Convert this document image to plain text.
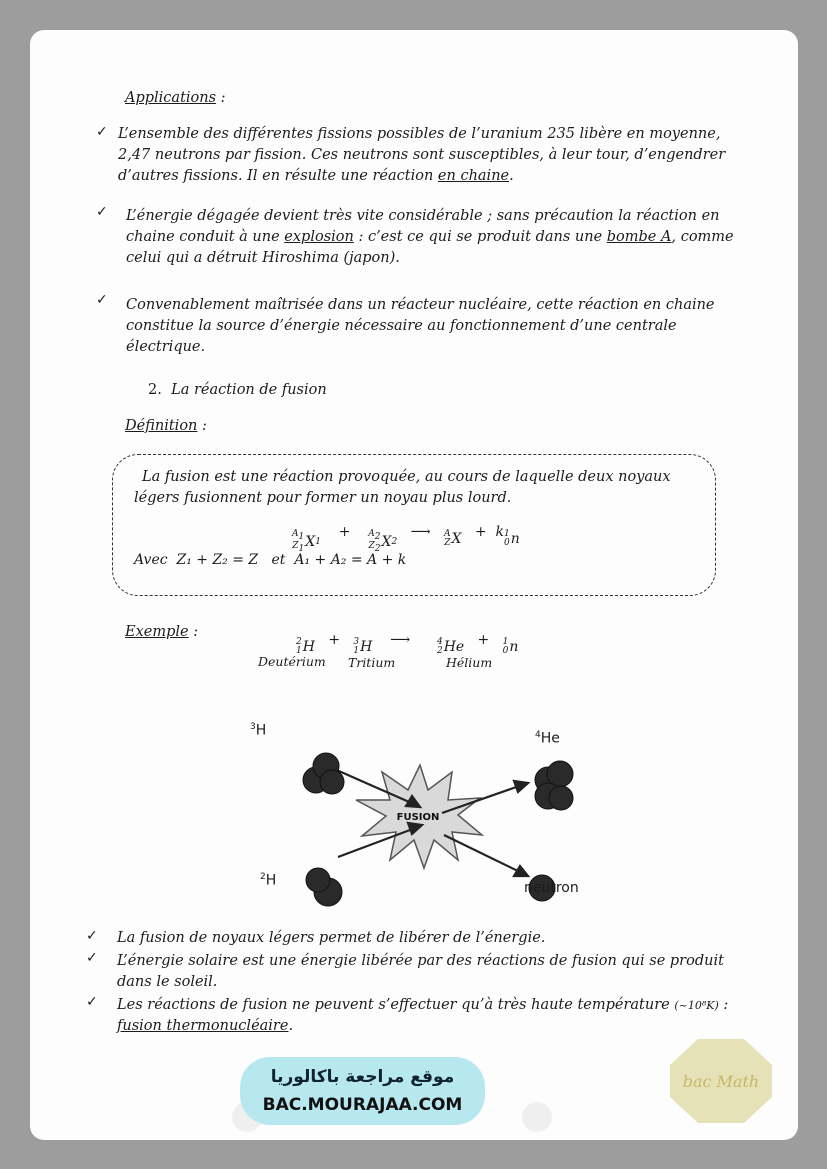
Applications :
✓ L’ensemble des différentes fissions possibles de l’uranium 235 libère en moyenne,
2,47 neutrons par fission. Ces neutrons sont susceptibles, à leur tour, d’engendrer
d’autres fissions. Il en résulte une réaction en chaine.
✓ L’énergie dégagée devient très vite considérable ; sans précaution la réaction en
chaine conduit à une explosion : c’est ce qui se produit dans une bombe A, comme
celui qui a détruit Hiroshima (japon).
✓ Convenablement maîtrisée dans un réacteur nucléaire, cette réaction en chaine
constitue la source d’énergie nécessaire au fonctionnement d’une centrale
électrique.
2. La réaction de fusion
Définition :
La fusion est une réaction provoquée, au cours de laquelle deux noyaux
légers fusionnent pour former un noyau plus lourd.
$A_1$
$Z_1$ X 1
+ $A_2$
$Z_2$ X 2
⟶ A
Z X + k 1
0 n
Avec Z₁ + Z₂ = Z et A₁ + A₂ = A + k
Exemple :
2
1 H + 3
1 H ⟶	4
2 He + 1
0 n
Deutérium Tritium	Hélium
FUSION
$^3$H
$^2$H
$^4$He
neutron
✓ La fusion de noyaux légers permet de libérer de l’énergie.
✓ L’énergie solaire est une énergie libérée par des réactions de fusion qui se produit
dans le soleil.
✓ Les réactions de fusion ne peuvent s’effectuer qu’à très haute température (~10⁸K) :
fusion thermonucléaire.
موقع مراجعة باكالوريا
BAC.MOURAJAA.COM
bac Math
